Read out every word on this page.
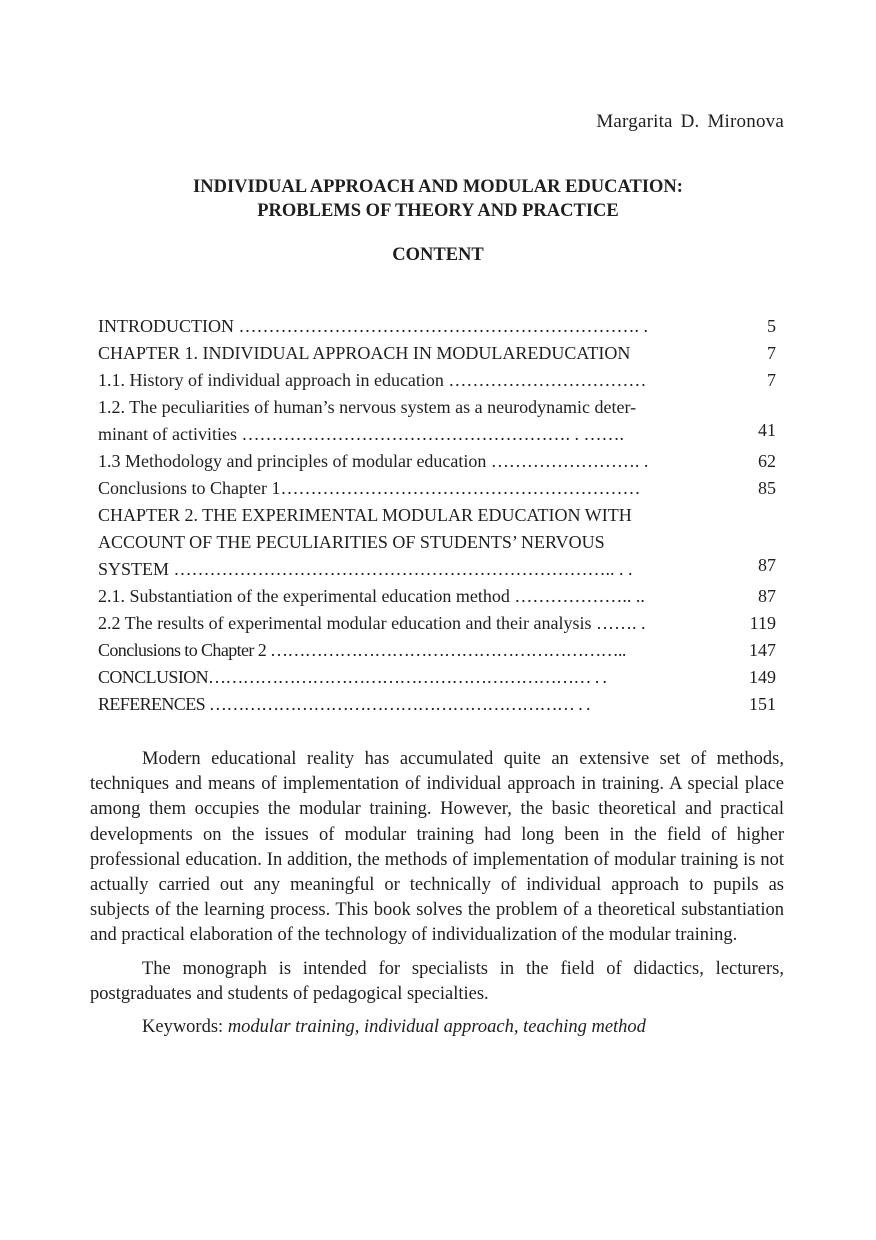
Margarita D. Mironova
INDIVIDUAL APPROACH AND MODULAR EDUCATION:
PROBLEMS OF THEORY AND PRACTICE
CONTENT
INTRODUCTION …………………………………………………………. .	5
CHAPTER 1. INDIVIDUAL APPROACH IN MODULAREDUCATION	7
1.1. History of individual approach in education ……………………………	7
1.2. The peculiarities of human’s nervous system as a neurodynamic deter-
minant of activities ………………………………………………. . …….	41
1.3 Methodology and principles of modular education ……………………. .	62
Conclusions to Chapter 1……………………………………………………	85
CHAPTER 2. THE EXPERIMENTAL MODULAR EDUCATION WITH
ACCOUNT OF THE PECULIARITIES OF STUDENTS’ NERVOUS
SYSTEM ……………………………………………………………….. . .	87
2.1. Substantiation of the experimental education method ……………….. ..	87
2.2 The results of experimental modular education and their analysis ……. .	119
Conclusions to Chapter 2 ……………………………………………………..	147
CONCLUSION………………………………………………………… . .	149
REFERENCES ……………………………………………………… . .	151

Modern educational reality has accumulated quite an extensive set of methods, techniques and means of implementation of individual approach in training. A special place among them occupies the modular training. However, the basic theoretical and practical developments on the issues of modular training had long been in the field of higher professional education. In addition, the methods of implementation of modular training is not actually carried out any meaningful or technically of individual approach to pupils as subjects of the learning process. This book solves the problem of a theoretical substantiation and practical elaboration of the technology of individualization of the modular training.

The monograph is intended for specialists in the field of didactics, lecturers, postgraduates and students of pedagogical specialties.

Keywords: modular training, individual approach, teaching method
